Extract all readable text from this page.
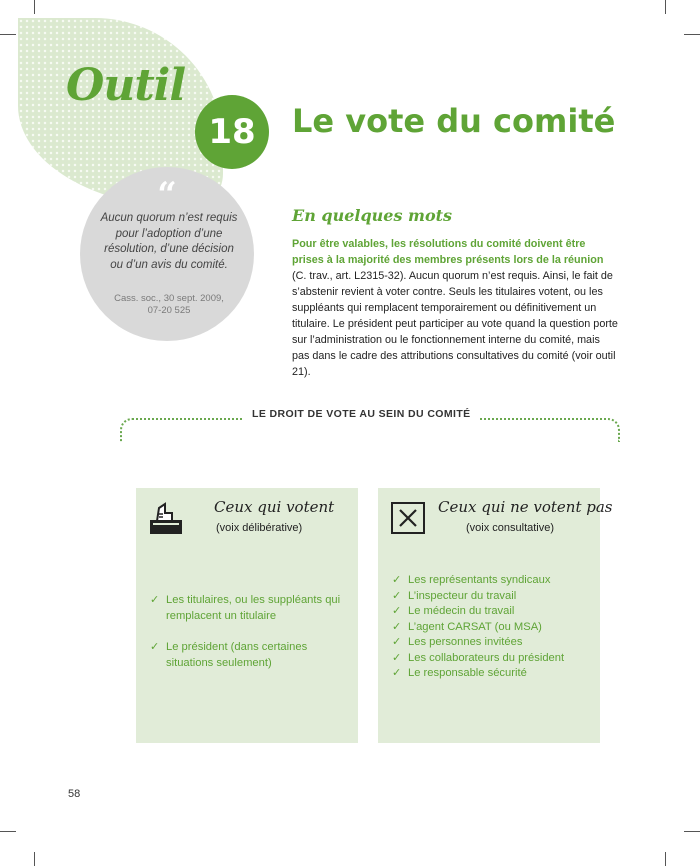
Outil
18	Le vote du comité
“
Aucun quorum n’est requis pour l’adoption d’une résolution, d’une décision ou d’un avis du comité.
Cass. soc., 30 sept. 2009, 07-20 525
En quelques mots

Pour être valables, les résolutions du comité doivent être prises à la majorité des membres présents lors de la réunion (C. trav., art. L2315-32). Aucun quorum n’est requis. Ainsi, le fait de s’abstenir revient à voter contre. Seuls les titulaires votent, ou les suppléants qui remplacent temporairement ou définitivement un titulaire. Le président peut participer au vote quand la question porte sur l’administration ou le fonctionnement interne du comité, mais pas dans le cadre des attributions consultatives du comité (voir outil 21).

LE DROIT DE VOTE AU SEIN DU COMITÉ
Ceux qui votent
(voix délibérative)
✓ Les titulaires, ou les suppléants qui remplacent un titulaire
✓ Le président (dans certaines situations seulement)
Ceux qui ne votent pas
(voix consultative)
✓ Les représentants syndicaux
✓ L’inspecteur du travail
✓ Le médecin du travail
✓ L’agent CARSAT (ou MSA)
✓ Les personnes invitées
✓ Les collaborateurs du président
✓ Le responsable sécurité
58
